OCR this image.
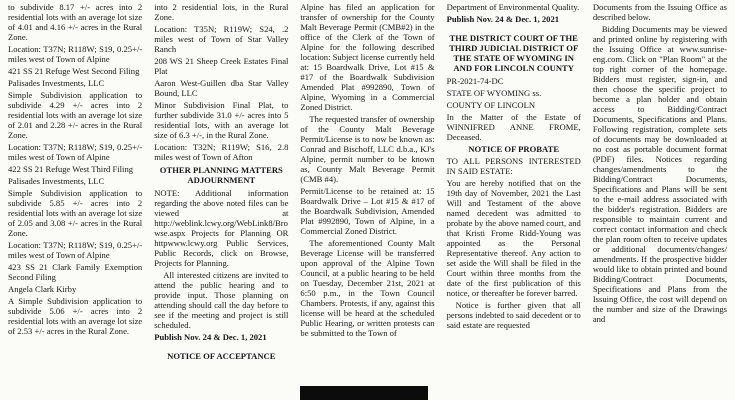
to subdivide 8.17 +/- acres into 2 residential lots with an average lot size of 4.01 and 4.16 +/- acres in the Rural Zone.

Location: T37N; R118W; S19, 0.25+/- miles west of Town of Alpine

421 SS 21 Refuge West Second Filing

Palisades Investments, LLC

Simple Subdivision application to subdivide 4.29 +/- acres into 2 residential lots with an average lot size of 2.01 and 2.28 +/- acres in the Rural Zone.

Location: T37N; R118W; S19, 0.25+/- miles west of Town of Alpine

422 SS 21 Refuge West Third Filing

Palisades Investments, LLC

Simple Subdivision application to subdivide 5.85 +/- acres into 2 residential lots with an average lot size of 2.05 and 3.08 +/- acres in the Rural Zone.

Location: T37N; R118W; S19, 0.25+/- miles west of Town of Alpine

423 SS 21 Clark Family Exemption Second Filing

Angela Clark Kirby

A Simple Subdivision application to subdivide 5.06 +/- acres into 2 residential lots with an average lot size of 2.53 +/- acres in the Rural Zone.

into 2 residential lots, in the Rural Zone.

Location: T35N; R119W; S24, .2 miles west of Town of Star Valley Ranch

208 WS 21 Sheep Creek Estates Final Plat

Aaron West-Guillen dba Star Valley Bound, LLC

Minor Subdivision Final Plat, to further subdivide 31.0 +/- acres into 5 residential lots, with an average lot size of 6.3 +/-, in the Rural Zone.

Location: T32N; R119W; S16, 2.8 miles west of Town of Afton

OTHER PLANNING MATTERS ADJOURNMENT

NOTE: Additional information regarding the above noted files can be viewed at http://weblink.lcwy.org/WebLink8/Browse.aspx Projects for Planning OR httpwww.lcwy.org Public Services, Public Records, click on Browse, Projects for Planning.

All interested citizens are invited to attend the public hearing and to provide input. Those planning on attending should call the day before to see if the meeting and project is still scheduled.

Publish Nov. 24 & Dec. 1, 2021

NOTICE OF ACCEPTANCE

Alpine has filed an application for transfer of ownership for the County Malt Beverage Permit (CMB#2) in the office of the Clerk of the Town of Alpine for the following described location: Subject license currently held at: 15 Boardwalk Drive, Lot #15 & #17 of the Boardwalk Subdivision Amended Plat #992890, Town of Alpine, Wyoming in a Commercial Zoned District.

The requested transfer of ownership of the County Malt Beverage Permit/License is to now be known as: Conrad and Bischoff, LLC d.b.a., KJ's Alpine, permit number to be known as, County Malt Beverage Permit (CMB #4).

Permit/License to be retained at: 15 Boardwalk Drive – Lot #15 & #17 of the Boardwalk Subdivision, Amended Plat #992890, Town of Alpine, in a Commercial Zoned District.

The aforementioned County Malt Beverage License will be transferred upon approval of the Alpine Town Council, at a public hearing to be held on Tuesday, December 21st, 2021 at 6:50 p.m., in the Town Council Chambers. Protests, if any, against this license will be heard at the scheduled Public Hearing, or written protests can be submitted to the Town of

Department of Environmental Quality.

Publish Nov. 24 & Dec. 1, 2021

THE DISTRICT COURT OF THE THIRD JUDICIAL DISTRICT OF THE STATE OF WYOMING IN AND FOR LINCOLN COUNTY

PR-2021-74-DC

STATE OF WYOMING ss.

COUNTY OF LINCOLN

In the Matter of the Estate of WINNIFRED ANNE FROME, Deceased.

NOTICE OF PROBATE

TO ALL PERSONS INTERESTED IN SAID ESTATE:

You are hereby notified that on the 19th day of November, 2021 the Last Will and Testament of the above named decedent was admitted to probate by the above named court, and that Kristi Frome Ridd-Young was appointed as the Personal Representative thereof. Any action to set aside the Will shall be filed in the Court within three months from the date of the first publication of this notice, or thereafter be forever barred.

Notice is further given that all persons indebted to said decedent or to said estate are requested

Documents from the Issuing Office as described below.

Bidding Documents may be viewed and printed online by registering with the Issuing Office at www.sunrise-eng.com. Click on "Plan Room" at the top right corner of the homepage. Bidders must register, sign-in, and then choose the specific project to become a plan holder and obtain access to Bidding/Contract Documents, Specifications and Plans. Following registration, complete sets of documents may be downloaded at no cost as portable document format (PDF) files. Notices regarding changes/amendments to the Bidding/Contract Documents, Specifications and Plans will be sent to the e-mail address associated with the bidder's registration. Bidders are responsible to maintain current and correct contact information and check the plan room often to receive updates or additional documents/changes/ amendments. If the prospective bidder would like to obtain printed and bound Bidding/Contract Documents, Specifications and Plans from the Issuing Office, the cost will depend on the number and size of the Drawings and
